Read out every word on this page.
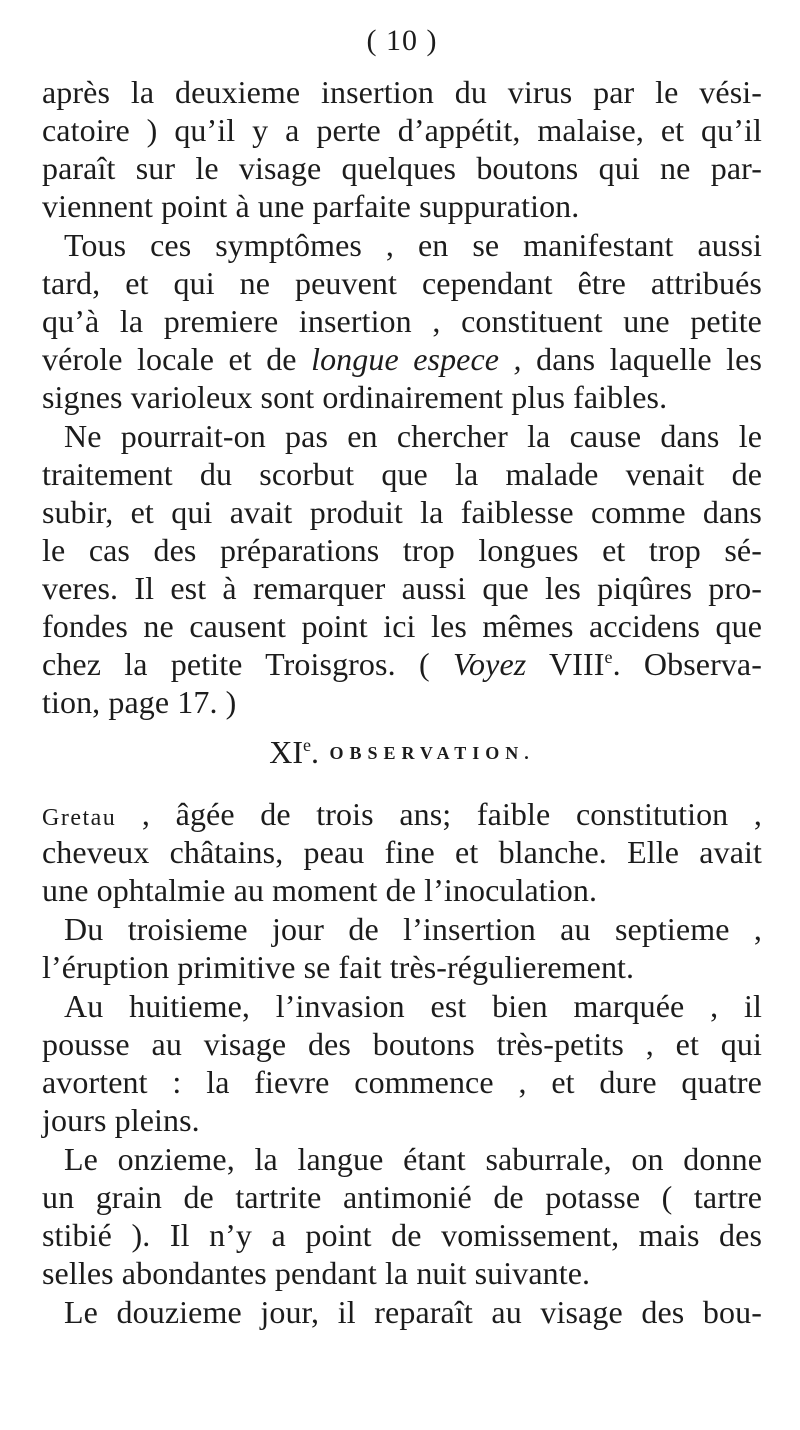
( 10 )
après la deuxieme insertion du virus par le vési-
catoire ) qu’il y a perte d’appétit, malaise, et qu’il
paraît sur le visage quelques boutons qui ne par-
viennent point à une parfaite suppuration.
Tous ces symptômes , en se manifestant aussi
tard, et qui ne peuvent cependant être attribués
qu’à la premiere insertion , constituent une petite
vérole locale et de longue espece , dans laquelle les
signes varioleux sont ordinairement plus faibles.
Ne pourrait-on pas en chercher la cause dans le
traitement du scorbut que la malade venait de
subir, et qui avait produit la faiblesse comme dans
le cas des préparations trop longues et trop sé-
veres. Il est à remarquer aussi que les piqûres pro-
fondes ne causent point ici les mêmes accidens que
chez la petite Troisgros. ( Voyez VIIIe. Observa-
tion, page 17. )
XIe. OBSERVATION.
Gretau , âgée de trois ans; faible constitution ,
cheveux châtains, peau fine et blanche. Elle avait
une ophtalmie au moment de l’inoculation.
Du troisieme jour de l’insertion au septieme ,
l’éruption primitive se fait très-régulierement.
Au huitieme, l’invasion est bien marquée , il
pousse au visage des boutons très-petits , et qui
avortent : la fievre commence , et dure quatre
jours pleins.
Le onzieme, la langue étant saburrale, on donne
un grain de tartrite antimonié de potasse ( tartre
stibié ). Il n’y a point de vomissement, mais des
selles abondantes pendant la nuit suivante.
Le douzieme jour, il reparaît au visage des bou-
